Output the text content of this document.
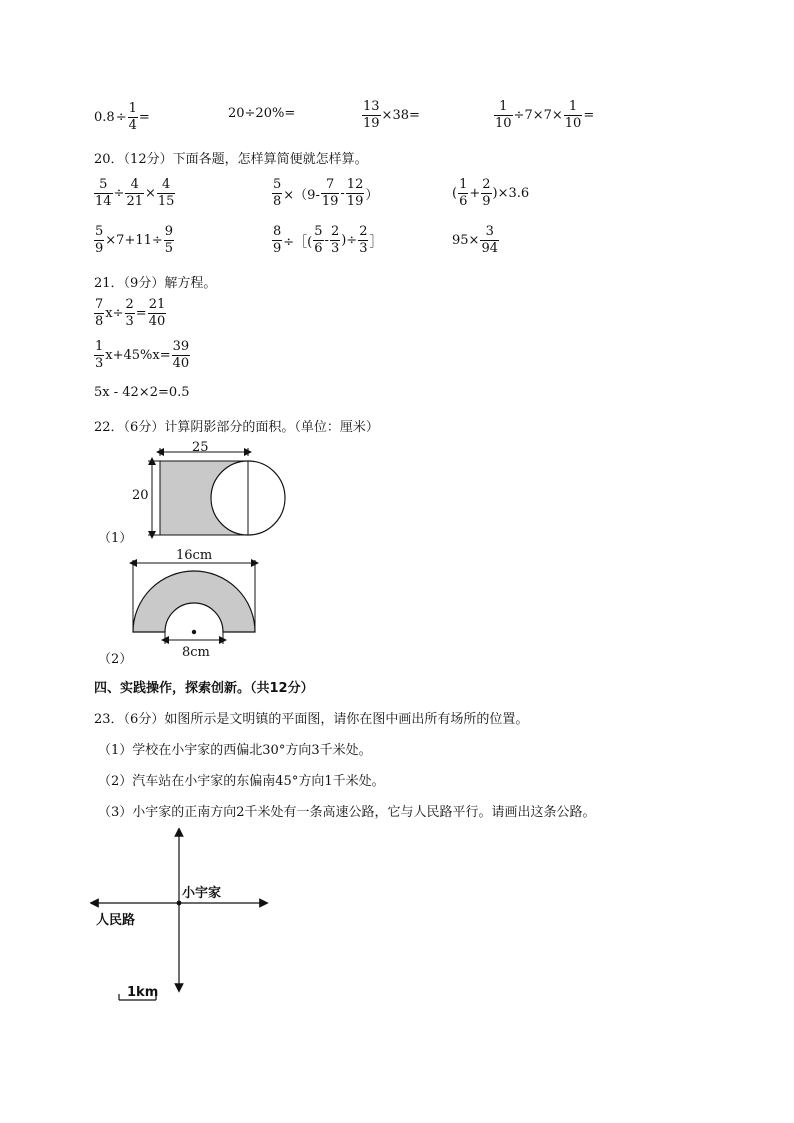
$0.8 \div \frac{1}{4}$ =	20÷20%=	$\frac{13}{19} \times 38=$	$\frac{1}{10} \div 7\times 7\times \frac{1}{10}$ =
20．（12分）下面各题，怎样算简便就怎样算。
$\frac{5}{14} \div \frac{4}{21} \times \frac{4}{15}$	$\frac{5}{8} \times(9- \frac{7}{19} - \frac{12}{19}$ ）	( $\frac{1}{6} + \frac{2}{9} )\times 3.6$
$\frac{5}{9} \times 7+11\div \frac{9}{5}$	$\frac{8}{9}$ ÷［( $\frac{5}{6} - \frac{2}{3}$ )÷ $\frac{2}{3}$ ］	$95\times \frac{3}{94}$
21．（9分）解方程。
$\frac{7}{8} x\div \frac{2}{3} = \frac{21}{40}$
$\frac{1}{3} x+45\%x= \frac{39}{40}$
5x - 42×2=0.5
22．（6分）计算阴影部分的面积。（单位：厘米）
25
20
（1）
16cm
8cm
（2）
四、实践操作，探索创新。（共12分）
23．（6分）如图所示是文明镇的平面图，请你在图中画出所有场所的位置。
（1）学校在小宇家的西偏北30°方向3千米处。
（2）汽车站在小宇家的东偏南45°方向1千米处。
（3）小宇家的正南方向2千米处有一条高速公路，它与人民路平行。请画出这条公路。
小宇家
人民路
1km
